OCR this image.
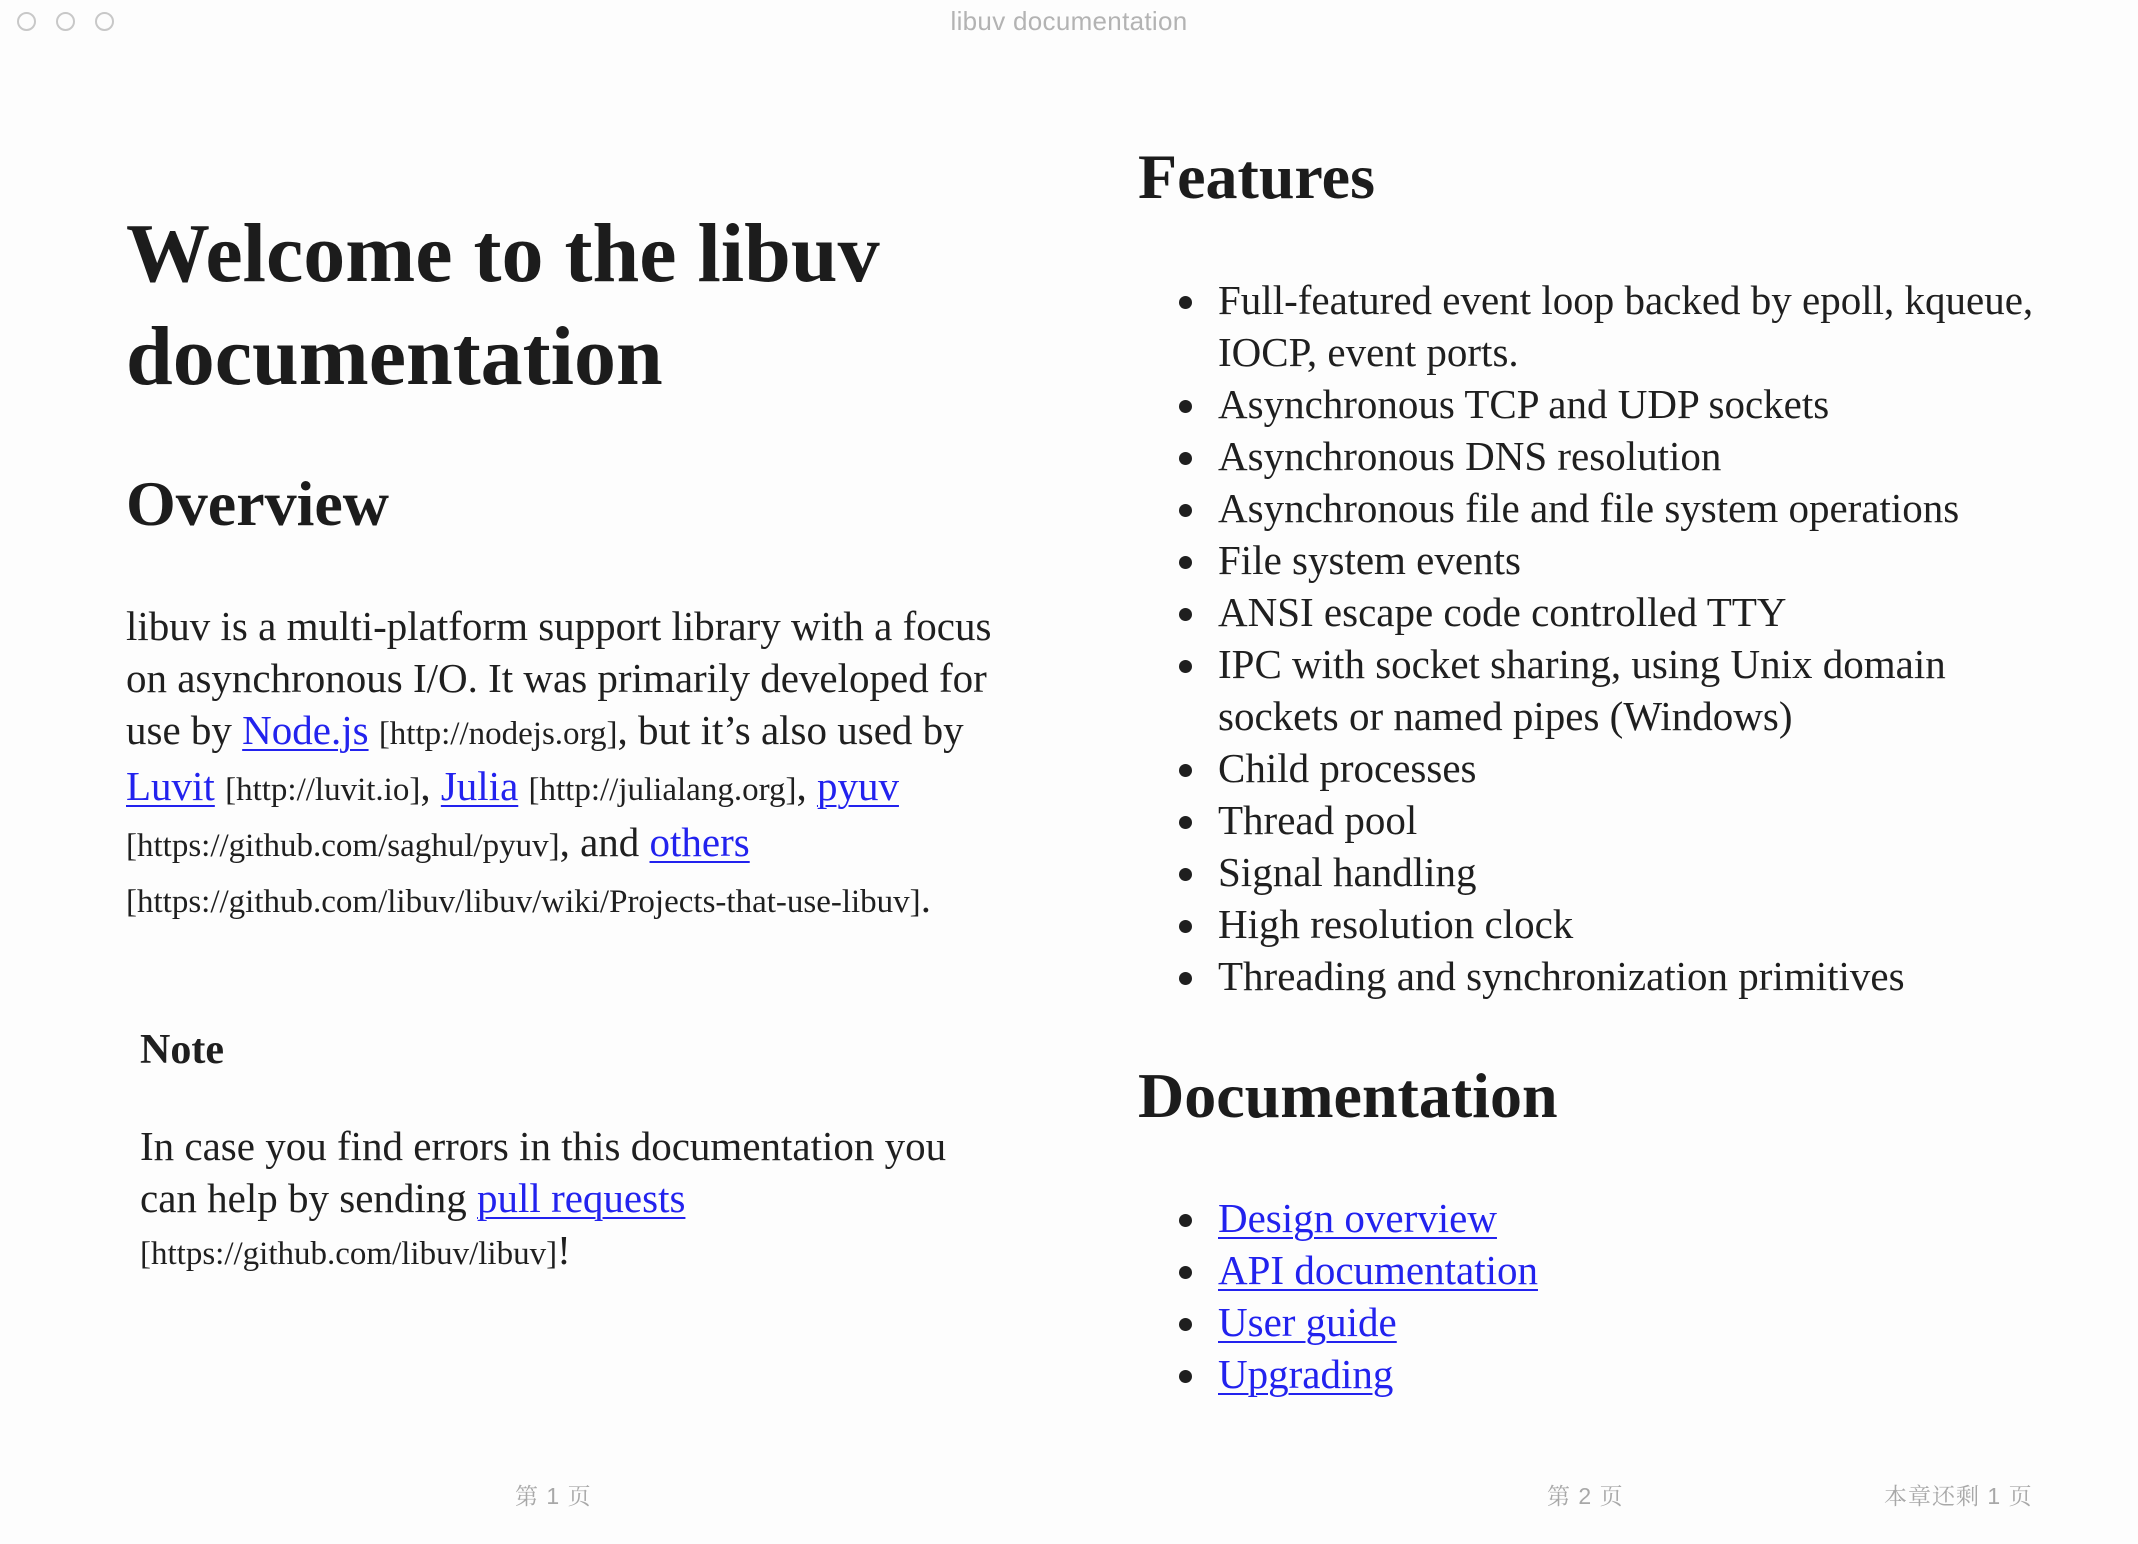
libuv documentation
Welcome to the libuv documentation
Overview

libuv is a multi-platform support library with a focus on asynchronous I/O. It was primarily developed for use by Node.js [http://nodejs.org], but it’s also used by Luvit [http://luvit.io], Julia [http://julialang.org], pyuv [https://github.com/saghul/pyuv], and others [https://github.com/libuv/libuv/wiki/Projects-that-use-libuv].

Note

In case you find errors in this documentation you can help by sending pull requests
[https://github.com/libuv/libuv]!

Features
Full-featured event loop backed by epoll, kqueue, IOCP, event ports.
Asynchronous TCP and UDP sockets
Asynchronous DNS resolution
Asynchronous file and file system operations
File system events
ANSI escape code controlled TTY
IPC with socket sharing, using Unix domain sockets or named pipes (Windows)
Child processes
Thread pool
Signal handling
High resolution clock
Threading and synchronization primitives
Documentation
Design overview
API documentation
User guide
Upgrading
第 1 页	第 2 页	本章还剩 1 页
